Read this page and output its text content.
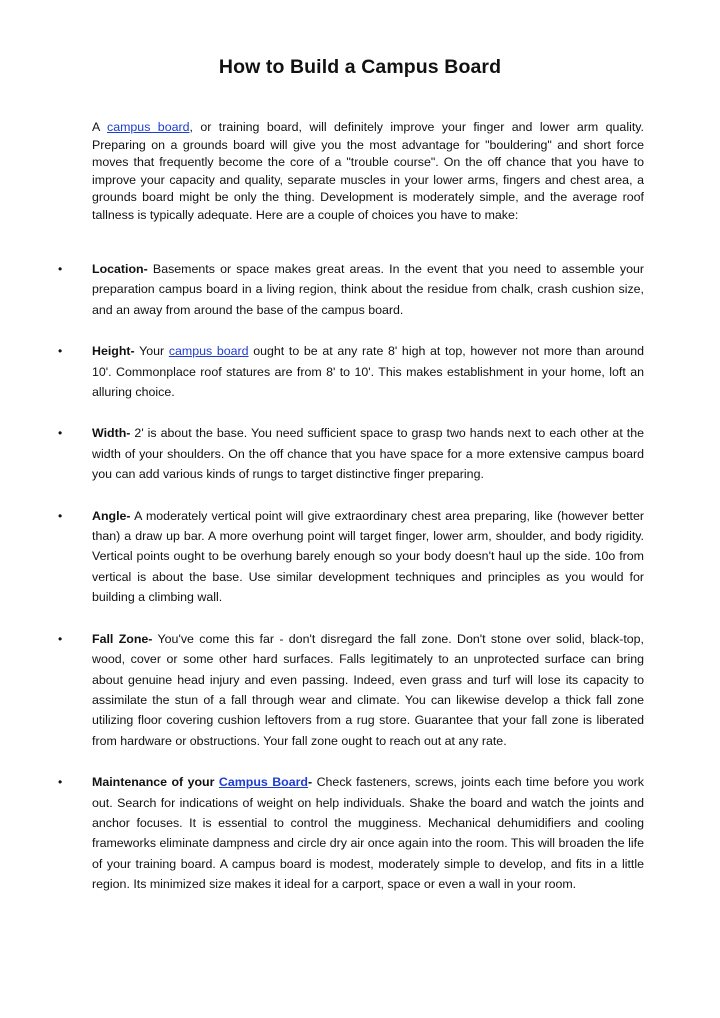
How to Build a Campus Board

A campus board, or training board, will definitely improve your finger and lower arm quality. Preparing on a grounds board will give you the most advantage for "bouldering" and short force moves that frequently become the core of a "trouble course". On the off chance that you have to improve your capacity and quality, separate muscles in your lower arms, fingers and chest area, a grounds board might be only the thing. Development is moderately simple, and the average roof tallness is typically adequate. Here are a couple of choices you have to make:

• Location- Basements or space makes great areas. In the event that you need to assemble your preparation campus board in a living region, think about the residue from chalk, crash cushion size, and an away from around the base of the campus board.
• Height- Your campus board ought to be at any rate 8' high at top, however not more than around 10'. Commonplace roof statures are from 8' to 10'. This makes establishment in your home, loft an alluring choice.
• Width- 2' is about the base. You need sufficient space to grasp two hands next to each other at the width of your shoulders. On the off chance that you have space for a more extensive campus board you can add various kinds of rungs to target distinctive finger preparing.
• Angle- A moderately vertical point will give extraordinary chest area preparing, like (however better than) a draw up bar. A more overhung point will target finger, lower arm, shoulder, and body rigidity. Vertical points ought to be overhung barely enough so your body doesn't haul up the side. 10o from vertical is about the base. Use similar development techniques and principles as you would for building a climbing wall.
• Fall Zone- You've come this far - don't disregard the fall zone. Don't stone over solid, black-top, wood, cover or some other hard surfaces. Falls legitimately to an unprotected surface can bring about genuine head injury and even passing. Indeed, even grass and turf will lose its capacity to assimilate the stun of a fall through wear and climate. You can likewise develop a thick fall zone utilizing floor covering cushion leftovers from a rug store. Guarantee that your fall zone is liberated from hardware or obstructions. Your fall zone ought to reach out at any rate.
• Maintenance of your Campus Board- Check fasteners, screws, joints each time before you work out. Search for indications of weight on help individuals. Shake the board and watch the joints and anchor focuses. It is essential to control the mugginess. Mechanical dehumidifiers and cooling frameworks eliminate dampness and circle dry air once again into the room. This will broaden the life of your training board. A campus board is modest, moderately simple to develop, and fits in a little region. Its minimized size makes it ideal for a carport, space or even a wall in your room.
